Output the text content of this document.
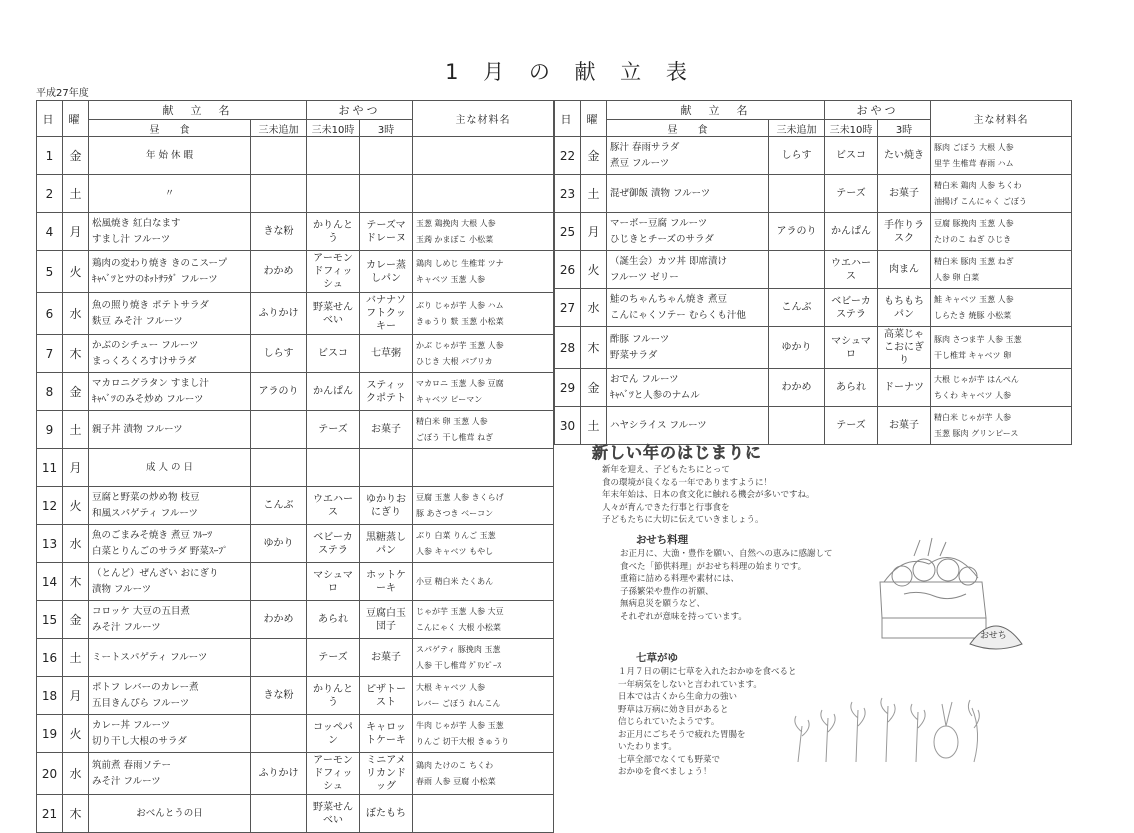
1 月 の 献 立 表
平成27年度
日	曜	献　立　名		おやつ		主な材料名
		昼　　食	三未追加	三未10時	3時	
1	金	年 始 休 暇				

2	土	〃				

4	月	松風焼き 紅白なます
すまし汁 フルーツ	きな粉	かりんとう	テーズマドレーヌ	玉葱 鶏挽肉 大根 人参
玉蒟 かまぼこ 小松菜

5	火	鶏肉の変わり焼き きのこスープ
ｷｬﾍﾞﾂとﾂﾅのﾎｯﾄｻﾗﾀﾞ フルーツ	わかめ	アーモンドフィッシュ	カレー蒸しパン	鶏肉 しめじ 生椎茸 ツナ
キャベツ 玉葱 人参

6	水	魚の照り焼き ポテトサラダ
麩豆 みそ汁 フルーツ	ふりかけ	野菜せんべい	バナナソフトクッキー	ぶり じゃが芋 人参 ハム
きゅうり 麩 玉葱 小松菜

7	木	かぶのシチュー フルーツ
まっくろくろすけサラダ	しらす	ビスコ	七草粥	かぶ じゃが芋 玉葱 人参
ひじき 大根 パプリカ

8	金	マカロニグラタン すまし汁
ｷｬﾍﾞﾂのみそ炒め フルーツ	アラのり	かんぱん	スティックポテト	マカロニ 玉葱 人参 豆腐
キャベツ ピーマン

9	土	親子丼 漬物 フルーツ		テーズ	お菓子	精白米 卵 玉葱 人参
ごぼう 干し椎茸 ねぎ

11	月	成 人 の 日				

12	火	豆腐と野菜の炒め物 枝豆
和風スパゲティ フルーツ	こんぶ	ウエハース	ゆかりおにぎり	豆腐 玉葱 人参 きくらげ
豚 あさつき ベーコン

13	水	魚のごまみそ焼き 煮豆 ﾌﾙｰﾂ
白菜とりんごのサラダ 野菜ｽｰﾌﾟ	ゆかり	ベビーカステラ	黒糖蒸しパン	ぶり 白菜 りんご 玉葱
人参 キャベツ もやし

14	木	（とんど）ぜんざい おにぎり
漬物 フルーツ		マシュマロ	ホットケーキ	小豆 精白米 たくあん

15	金	コロッケ 大豆の五目煮
みそ汁 フルーツ	わかめ	あられ	豆腐白玉団子	じゃが芋 玉葱 人参 大豆
こんにゃく 大根 小松菜

16	土	ミートスパゲティ フルーツ		テーズ	お菓子	スパゲティ 豚挽肉 玉葱
人参 干し椎茸 ｸﾞﾘﾝﾋﾟｰｽ

18	月	ポトフ レバーのカレー煮
五目きんぴら フルーツ	きな粉	かりんとう	ピザトースト	大根 キャベツ 人参
レバー ごぼう れんこん

19	火	カレー丼 フルーツ
切り干し大根のサラダ		コッペパン	キャロットケーキ	牛肉 じゃが芋 人参 玉葱
りんご 切干大根 きゅうり

20	水	筑前煮 春雨ソテー
みそ汁 フルーツ	ふりかけ	アーモンドフィッシュ	ミニアメリカンドッグ	鶏肉 たけのこ ちくわ
春雨 人参 豆腐 小松菜

21	木	おべんとうの日		野菜せんべい	ぼたもち	
日	曜	献　立　名		おやつ		主な材料名
		昼　　食	三未追加	三未10時	3時	
22	金	豚汁 春雨サラダ
煮豆 フルーツ	しらす	ビスコ	たい焼き	豚肉 ごぼう 大根 人参
里芋 生椎茸 春雨 ハム

23	土	混ぜ御飯 漬物 フルーツ		テーズ	お菓子	精白米 鶏肉 人参 ちくわ
油揚げ こんにゃく ごぼう

25	月	マーボー豆腐 フルーツ
ひじきとチーズのサラダ	アラのり	かんぱん	手作りラスク	豆腐 豚挽肉 玉葱 人参
たけのこ ねぎ ひじき

26	火	（誕生会）カツ丼 即席漬け
フルーツ ゼリー		ウエハース	肉まん	精白米 豚肉 玉葱 ねぎ
人参 卵 白菜

27	水	鮭のちゃんちゃん焼き 煮豆
こんにゃくソテー むらくも汁他	こんぶ	ベビーカステラ	もちもちパン	鮭 キャベツ 玉葱 人参
しらたき 焼豚 小松菜

28	木	酢豚 フルーツ
野菜サラダ	ゆかり	マシュマロ	高菜じゃこおにぎり	豚肉 さつま芋 人参 玉葱
干し椎茸 キャベツ 卵

29	金	おでん フルーツ
ｷｬﾍﾞﾂと人参のナムル	わかめ	あられ	ドーナツ	大根 じゃが芋 はんぺん
ちくわ キャベツ 人参

30	土	ハヤシライス フルーツ		テーズ	お菓子	精白米 じゃが芋 人参
玉葱 豚肉 グリンピース
新しい年のはじまりに
新年を迎え、子どもたちにとって
食の環境が良くなる一年でありますように！
年末年始は、日本の食文化に触れる機会が多いですね。
人々が育んできた行事と行事食を
子どもたちに大切に伝えていきましょう。
おせち料理
お正月に、大漁・豊作を願い、自然への恵みに感謝して
食べた「節供料理」がおせち料理の始まりです。
重箱に詰める料理や素材には、
子孫繁栄や豊作の祈願、
無病息災を願うなど、
それぞれが意味を持っています。
おせち
七草がゆ
１月７日の朝に七草を入れたおかゆを食べると
一年病気をしないと言われています。
日本では古くから生命力の強い
野草は万病に効き目があると
信じられていたようです。
お正月にごちそうで疲れた胃腸を
いたわります。
七草全部でなくても野菜で
おかゆを食べましょう！
